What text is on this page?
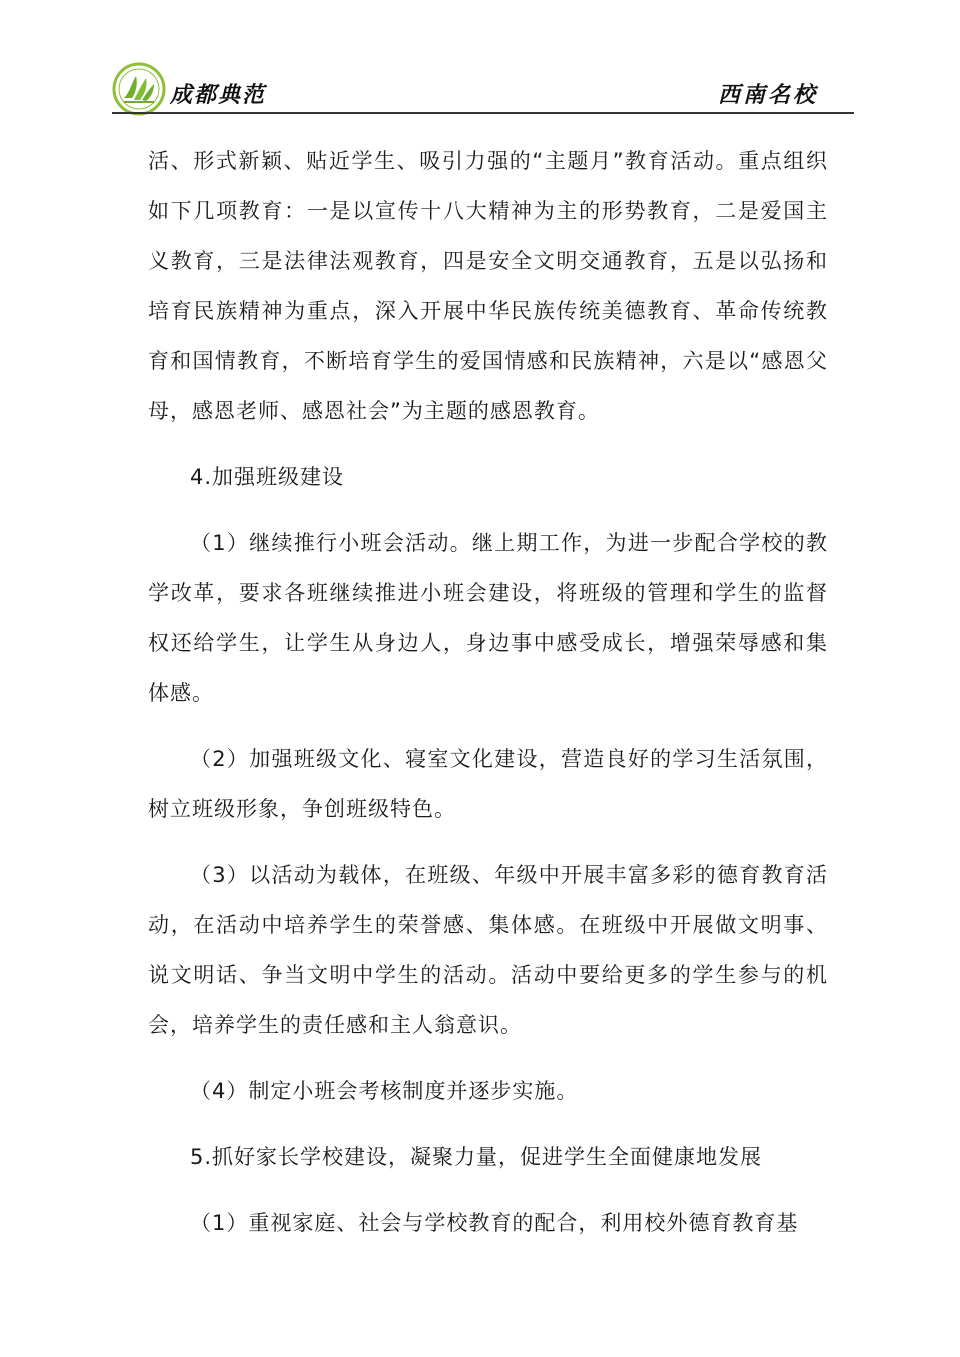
成都典范	西南名校

活、形式新颖、贴近学生、吸引力强的“主题月”教育活动。重点组织如下几项教育：一是以宣传十八大精神为主的形势教育，二是爱国主义教育，三是法律法观教育，四是安全文明交通教育，五是以弘扬和培育民族精神为重点，深入开展中华民族传统美德教育、革命传统教育和国情教育，不断培育学生的爱国情感和民族精神，六是以“感恩父母，感恩老师、感恩社会”为主题的感恩教育。

4.加强班级建设

（1）继续推行小班会活动。继上期工作，为进一步配合学校的教学改革，要求各班继续推进小班会建设，将班级的管理和学生的监督权还给学生，让学生从身边人，身边事中感受成长，增强荣辱感和集体感。

（2）加强班级文化、寝室文化建设，营造良好的学习生活氛围，树立班级形象，争创班级特色。

（3）以活动为载体，在班级、年级中开展丰富多彩的德育教育活动，在活动中培养学生的荣誉感、集体感。在班级中开展做文明事、说文明话、争当文明中学生的活动。活动中要给更多的学生参与的机会，培养学生的责任感和主人翁意识。

（4）制定小班会考核制度并逐步实施。

5.抓好家长学校建设，凝聚力量，促进学生全面健康地发展

（1）重视家庭、社会与学校教育的配合，利用校外德育教育基
